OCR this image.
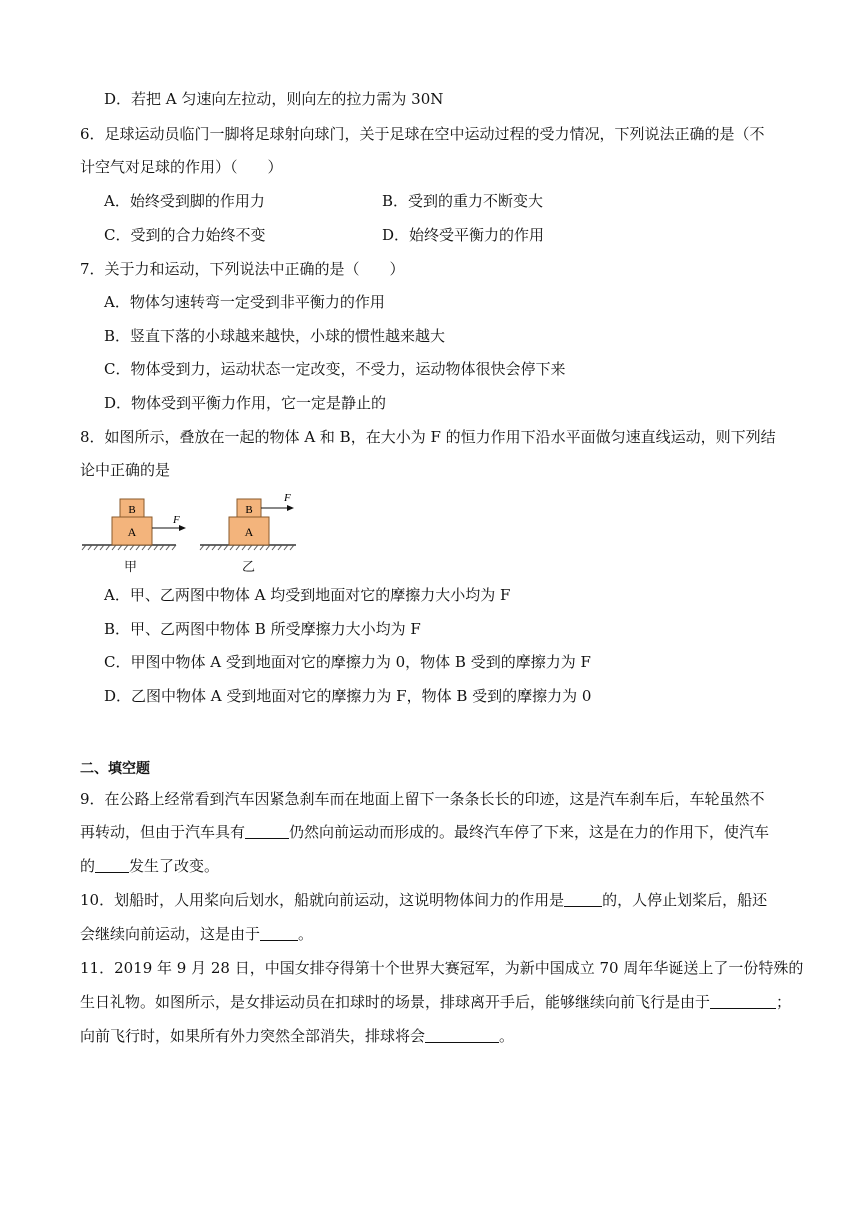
D．若把 A 匀速向左拉动，则向左的拉力需为 30N
6．足球运动员临门一脚将足球射向球门，关于足球在空中运动过程的受力情况，下列说法正确的是（不
计空气对足球的作用）（　　）
A．始终受到脚的作用力	B．受到的重力不断变大
C．受到的合力始终不变	D．始终受平衡力的作用
7．关于力和运动，下列说法中正确的是（　　）
A．物体匀速转弯一定受到非平衡力的作用
B．竖直下落的小球越来越快，小球的惯性越来越大
C．物体受到力，运动状态一定改变，不受力，运动物体很快会停下来
D．物体受到平衡力作用，它一定是静止的
8．如图所示，叠放在一起的物体 A 和 B，在大小为 F 的恒力作用下沿水平面做匀速直线运动，则下列结
论中正确的是
A
B
F
A
B
F
甲	乙
A．甲、乙两图中物体 A 均受到地面对它的摩擦力大小均为 F
B．甲、乙两图中物体 B 所受摩擦力大小均为 F
C．甲图中物体 A 受到地面对它的摩擦力为 0，物体 B 受到的摩擦力为 F
D．乙图中物体 A 受到地面对它的摩擦力为 F，物体 B 受到的摩擦力为 0
二、填空题
9．在公路上经常看到汽车因紧急刹车而在地面上留下一条条长长的印迹，这是汽车刹车后，车轮虽然不
再转动，但由于汽车具有	仍然向前运动而形成的。最终汽车停了下来，这是在力的作用下，使汽车
的 发生了改变。
10．划船时，人用桨向后划水，船就向前运动，这说明物体间力的作用是	的，人停止划桨后，船还
会继续向前运动，这是由于	。
11．2019 年 9 月 28 日，中国女排夺得第十个世界大赛冠军，为新中国成立 70 周年华诞送上了一份特殊的
生日礼物。如图所示，是女排运动员在扣球时的场景，排球离开手后，能够继续向前飞行是由于	；
向前飞行时，如果所有外力突然全部消失，排球将会	。
